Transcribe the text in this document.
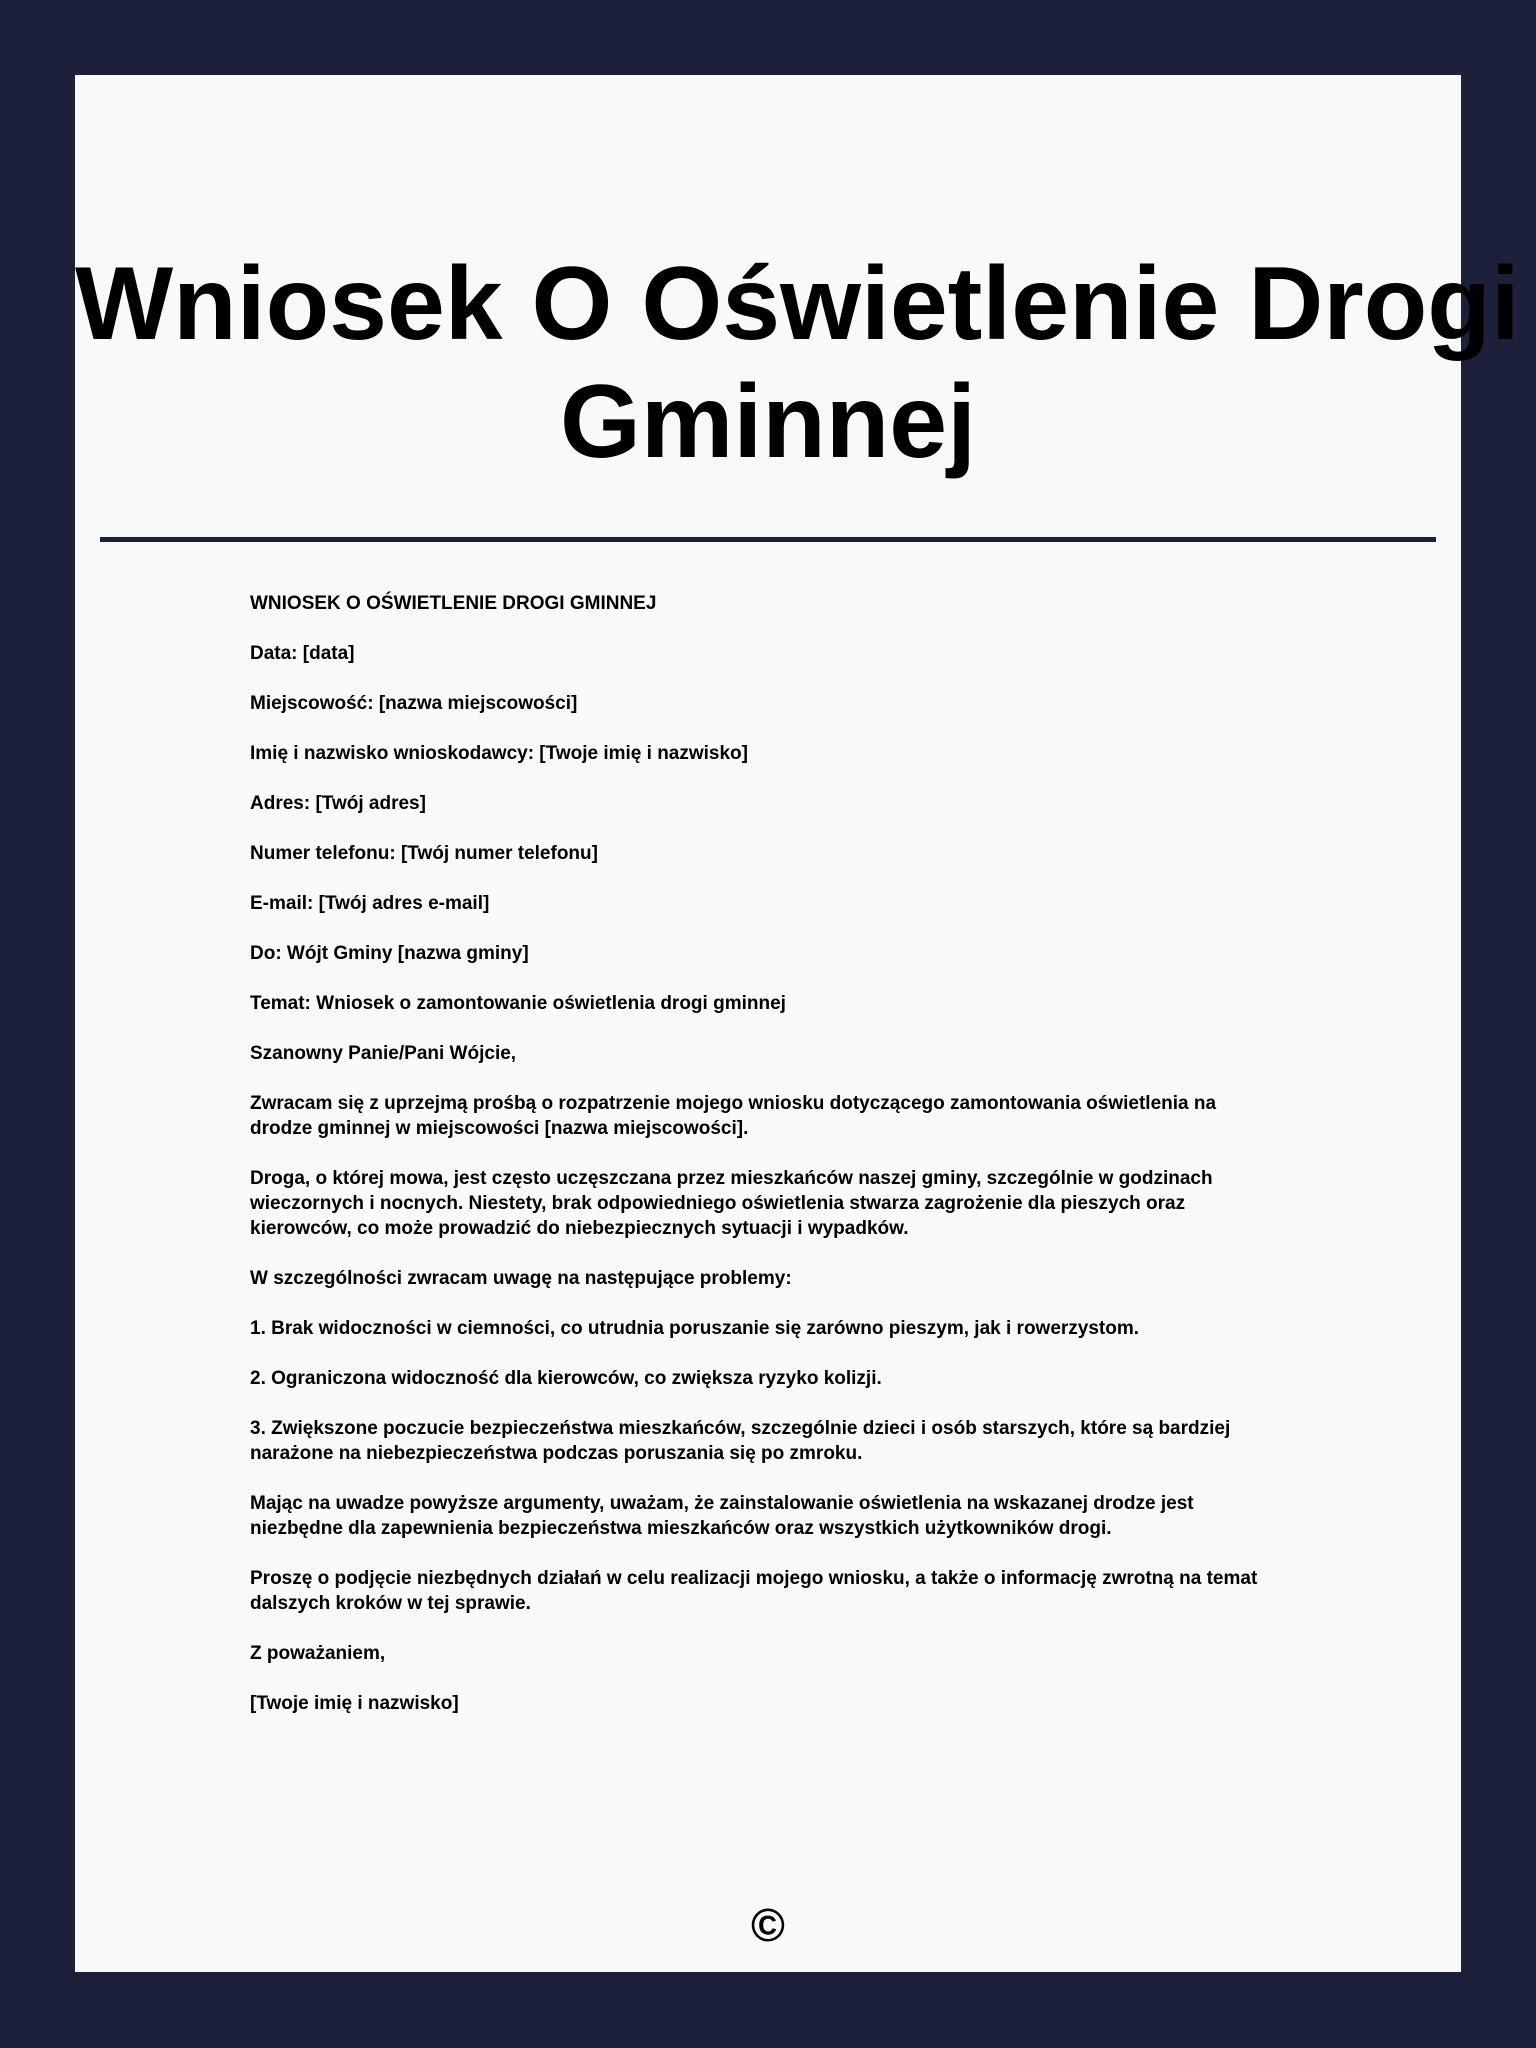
Wniosek O Oświetlenie Drogi
Gminnej

WNIOSEK O OŚWIETLENIE DROGI GMINNEJ

Data: [data]

Miejscowość: [nazwa miejscowości]

Imię i nazwisko wnioskodawcy: [Twoje imię i nazwisko]

Adres: [Twój adres]

Numer telefonu: [Twój numer telefonu]

E-mail: [Twój adres e-mail]

Do: Wójt Gminy [nazwa gminy]

Temat: Wniosek o zamontowanie oświetlenia drogi gminnej

Szanowny Panie/Pani Wójcie,

Zwracam się z uprzejmą prośbą o rozpatrzenie mojego wniosku dotyczącego zamontowania oświetlenia na drodze gminnej w miejscowości [nazwa miejscowości].

Droga, o której mowa, jest często uczęszczana przez mieszkańców naszej gminy, szczególnie w godzinach wieczornych i nocnych. Niestety, brak odpowiedniego oświetlenia stwarza zagrożenie dla pieszych oraz kierowców, co może prowadzić do niebezpiecznych sytuacji i wypadków.

W szczególności zwracam uwagę na następujące problemy:

1. Brak widoczności w ciemności, co utrudnia poruszanie się zarówno pieszym, jak i rowerzystom.

2. Ograniczona widoczność dla kierowców, co zwiększa ryzyko kolizji.

3. Zwiększone poczucie bezpieczeństwa mieszkańców, szczególnie dzieci i osób starszych, które są bardziej narażone na niebezpieczeństwa podczas poruszania się po zmroku.

Mając na uwadze powyższe argumenty, uważam, że zainstalowanie oświetlenia na wskazanej drodze jest niezbędne dla zapewnienia bezpieczeństwa mieszkańców oraz wszystkich użytkowników drogi.

Proszę o podjęcie niezbędnych działań w celu realizacji mojego wniosku, a także o informację zwrotną na temat dalszych kroków w tej sprawie.

Z poważaniem,

[Twoje imię i nazwisko]

©
